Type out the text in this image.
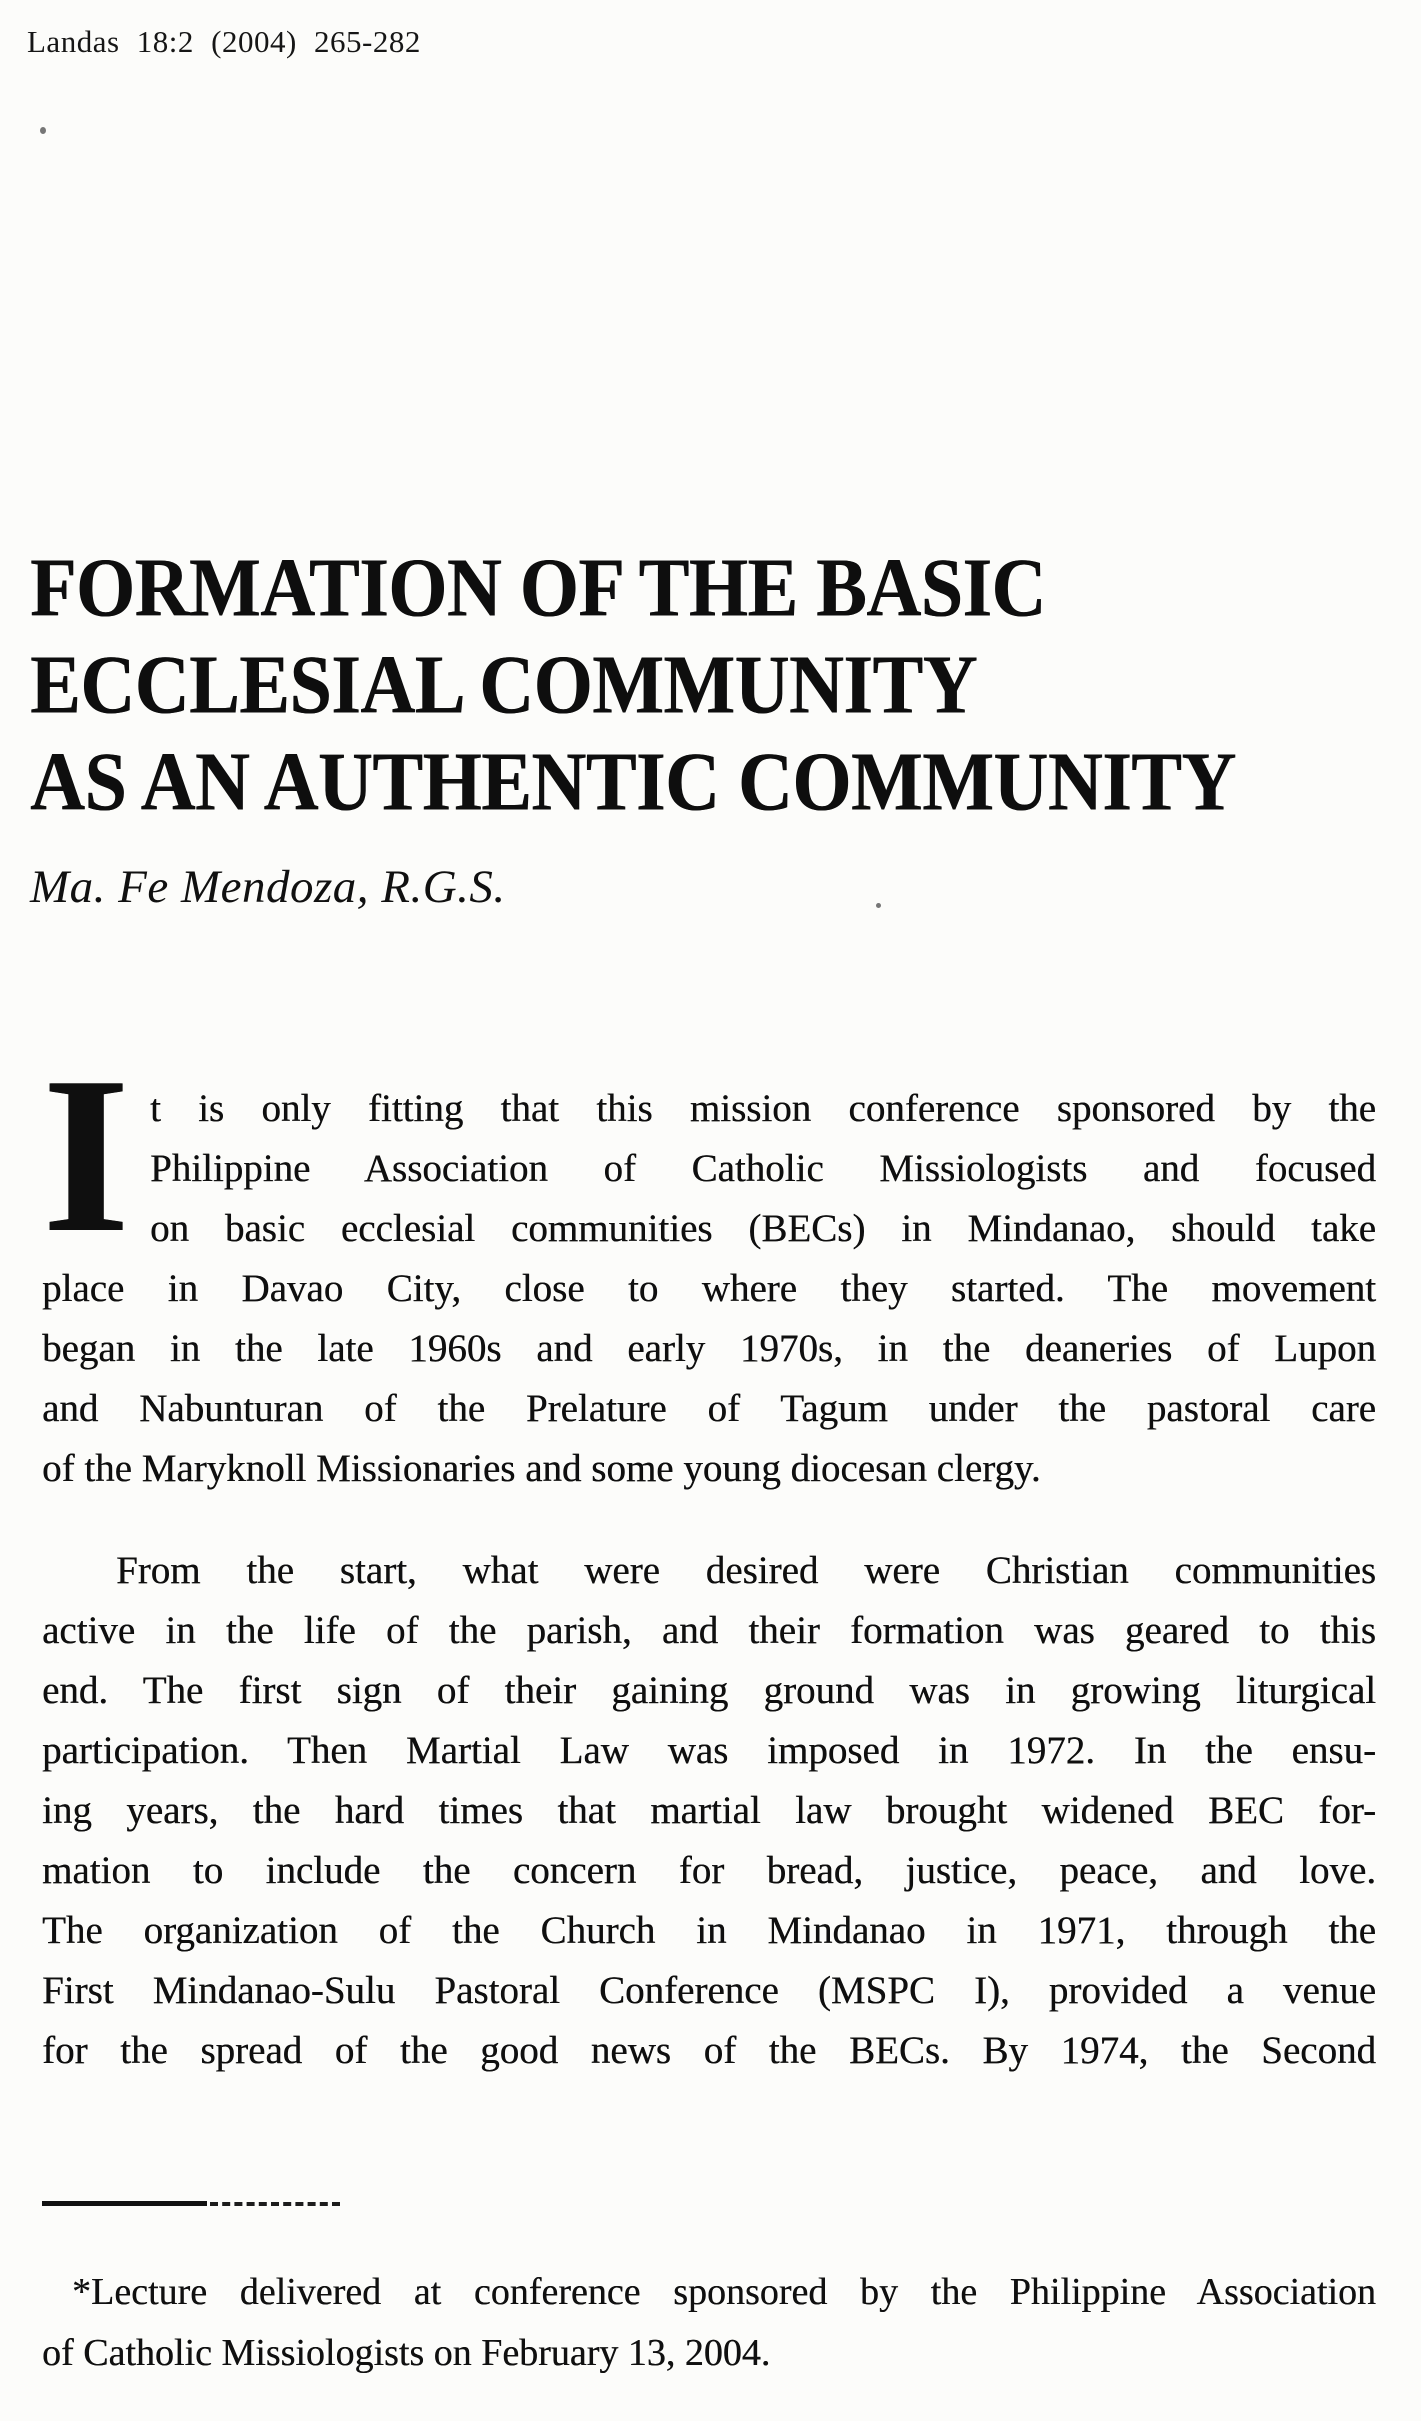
Landas 18:2 (2004) 265-282
FORMATION OF THE BASIC
ECCLESIAL COMMUNITY
AS AN AUTHENTIC COMMUNITY
Ma. Fe Mendoza, R.G.S.
I t is only fitting that this mission conference sponsored by the
Philippine Association of Catholic Missiologists and focused
on basic ecclesial communities (BECs) in Mindanao, should take
place in Davao City, close to where they started. The movement
began in the late 1960s and early 1970s, in the deaneries of Lupon
and Nabunturan of the Prelature of Tagum under the pastoral care
of the Maryknoll Missionaries and some young diocesan clergy.
From the start, what were desired were Christian communities
active in the life of the parish, and their formation was geared to this
end. The first sign of their gaining ground was in growing liturgical
participation. Then Martial Law was imposed in 1972. In the ensu-
ing years, the hard times that martial law brought widened BEC for-
mation to include the concern for bread, justice, peace, and love.
The organization of the Church in Mindanao in 1971, through the
First Mindanao-Sulu Pastoral Conference (MSPC I), provided a venue
for the spread of the good news of the BECs. By 1974, the Second
*Lecture delivered at conference sponsored by the Philippine Association
of Catholic Missiologists on February 13, 2004.
